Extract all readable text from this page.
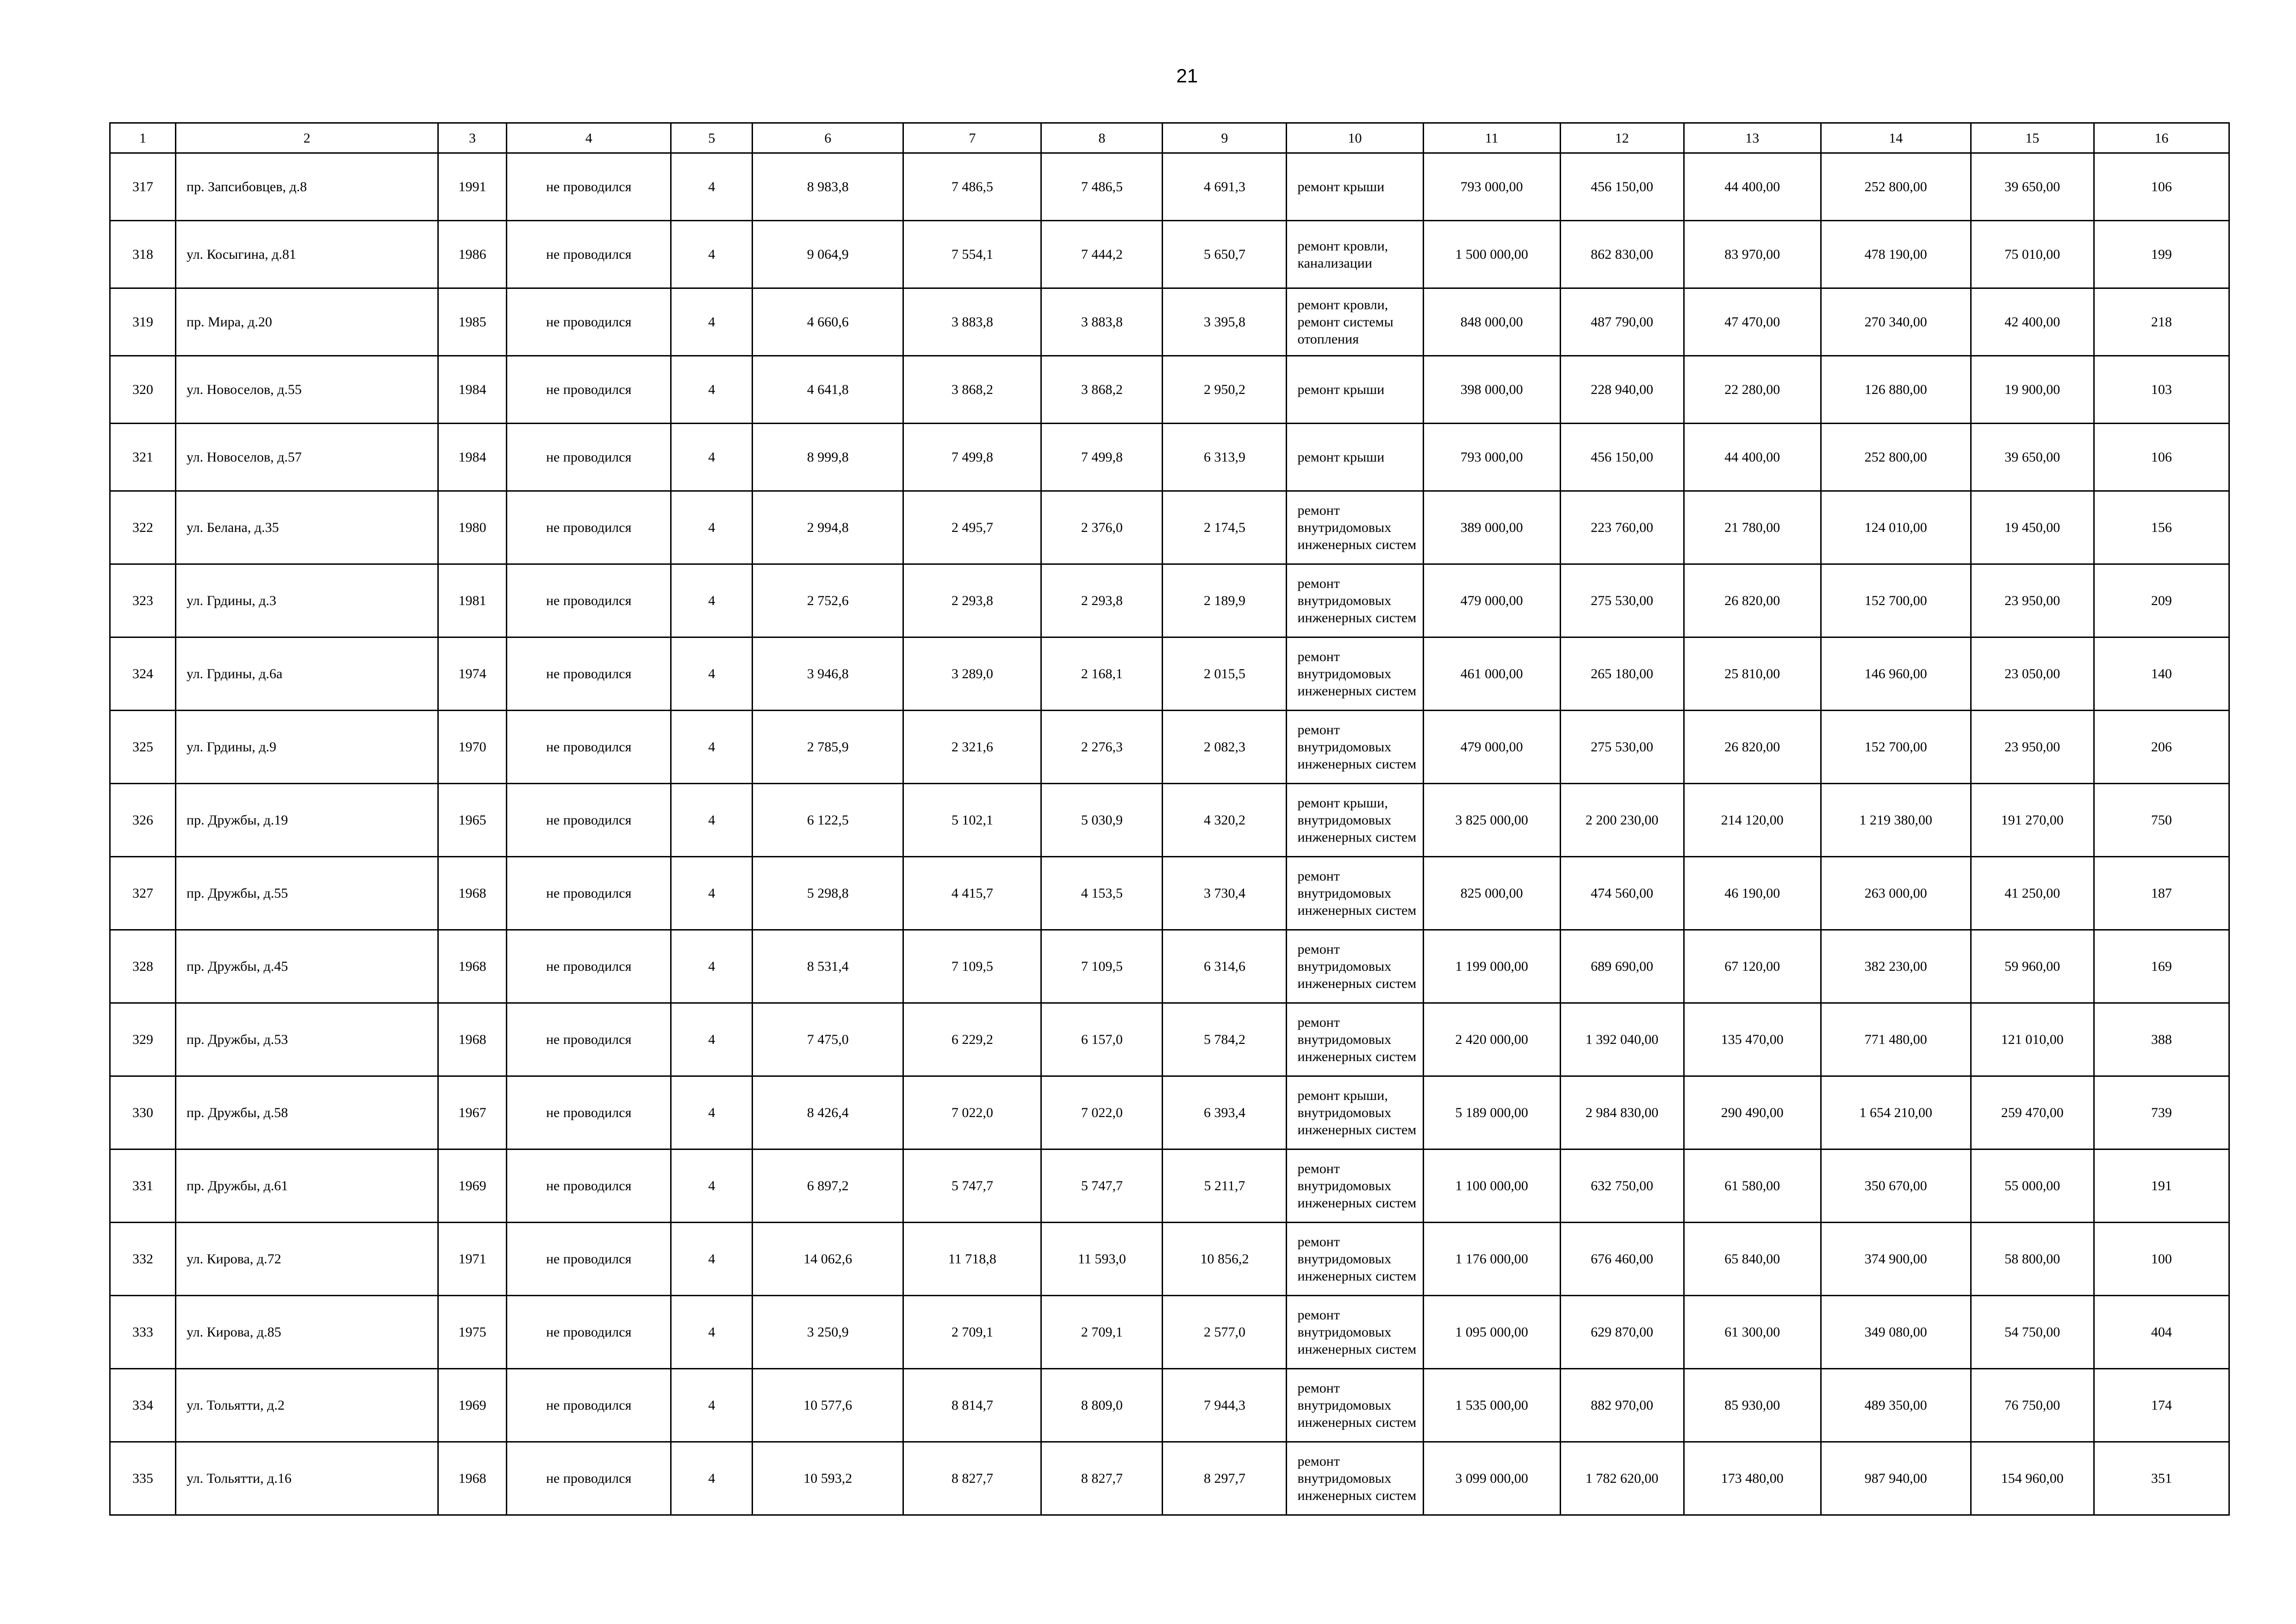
21
1	2	3	4	5	6	7	8	9	10	11	12	13	14	15	16
317	пр. Запсибовцев, д.8	1991	не проводился	4	8 983,8	7 486,5	7 486,5	4 691,3	ремонт крыши	793 000,00	456 150,00	44 400,00	252 800,00	39 650,00	106
318	ул. Косыгина, д.81	1986	не проводился	4	9 064,9	7 554,1	7 444,2	5 650,7	ремонт кровли, канализации	1 500 000,00	862 830,00	83 970,00	478 190,00	75 010,00	199
319	пр. Мира, д.20	1985	не проводился	4	4 660,6	3 883,8	3 883,8	3 395,8	ремонт кровли, ремонт системы отопления	848 000,00	487 790,00	47 470,00	270 340,00	42 400,00	218
320	ул. Новоселов, д.55	1984	не проводился	4	4 641,8	3 868,2	3 868,2	2 950,2	ремонт крыши	398 000,00	228 940,00	22 280,00	126 880,00	19 900,00	103
321	ул. Новоселов, д.57	1984	не проводился	4	8 999,8	7 499,8	7 499,8	6 313,9	ремонт крыши	793 000,00	456 150,00	44 400,00	252 800,00	39 650,00	106
322	ул. Белана, д.35	1980	не проводился	4	2 994,8	2 495,7	2 376,0	2 174,5	ремонт внутридомовых инженерных систем	389 000,00	223 760,00	21 780,00	124 010,00	19 450,00	156
323	ул. Грдины, д.3	1981	не проводился	4	2 752,6	2 293,8	2 293,8	2 189,9	ремонт внутридомовых инженерных систем	479 000,00	275 530,00	26 820,00	152 700,00	23 950,00	209
324	ул. Грдины, д.6а	1974	не проводился	4	3 946,8	3 289,0	2 168,1	2 015,5	ремонт внутридомовых инженерных систем	461 000,00	265 180,00	25 810,00	146 960,00	23 050,00	140
325	ул. Грдины, д.9	1970	не проводился	4	2 785,9	2 321,6	2 276,3	2 082,3	ремонт внутридомовых инженерных систем	479 000,00	275 530,00	26 820,00	152 700,00	23 950,00	206
326	пр. Дружбы, д.19	1965	не проводился	4	6 122,5	5 102,1	5 030,9	4 320,2	ремонт крыши, внутридомовых инженерных систем	3 825 000,00	2 200 230,00	214 120,00	1 219 380,00	191 270,00	750
327	пр. Дружбы, д.55	1968	не проводился	4	5 298,8	4 415,7	4 153,5	3 730,4	ремонт внутридомовых инженерных систем	825 000,00	474 560,00	46 190,00	263 000,00	41 250,00	187
328	пр. Дружбы, д.45	1968	не проводился	4	8 531,4	7 109,5	7 109,5	6 314,6	ремонт внутридомовых инженерных систем	1 199 000,00	689 690,00	67 120,00	382 230,00	59 960,00	169
329	пр. Дружбы, д.53	1968	не проводился	4	7 475,0	6 229,2	6 157,0	5 784,2	ремонт внутридомовых инженерных систем	2 420 000,00	1 392 040,00	135 470,00	771 480,00	121 010,00	388
330	пр. Дружбы, д.58	1967	не проводился	4	8 426,4	7 022,0	7 022,0	6 393,4	ремонт крыши, внутридомовых инженерных систем	5 189 000,00	2 984 830,00	290 490,00	1 654 210,00	259 470,00	739
331	пр. Дружбы, д.61	1969	не проводился	4	6 897,2	5 747,7	5 747,7	5 211,7	ремонт внутридомовых инженерных систем	1 100 000,00	632 750,00	61 580,00	350 670,00	55 000,00	191
332	ул. Кирова, д.72	1971	не проводился	4	14 062,6	11 718,8	11 593,0	10 856,2	ремонт внутридомовых инженерных систем	1 176 000,00	676 460,00	65 840,00	374 900,00	58 800,00	100
333	ул. Кирова, д.85	1975	не проводился	4	3 250,9	2 709,1	2 709,1	2 577,0	ремонт внутридомовых инженерных систем	1 095 000,00	629 870,00	61 300,00	349 080,00	54 750,00	404
334	ул. Тольятти, д.2	1969	не проводился	4	10 577,6	8 814,7	8 809,0	7 944,3	ремонт внутридомовых инженерных систем	1 535 000,00	882 970,00	85 930,00	489 350,00	76 750,00	174
335	ул. Тольятти, д.16	1968	не проводился	4	10 593,2	8 827,7	8 827,7	8 297,7	ремонт внутридомовых инженерных систем	3 099 000,00	1 782 620,00	173 480,00	987 940,00	154 960,00	351
